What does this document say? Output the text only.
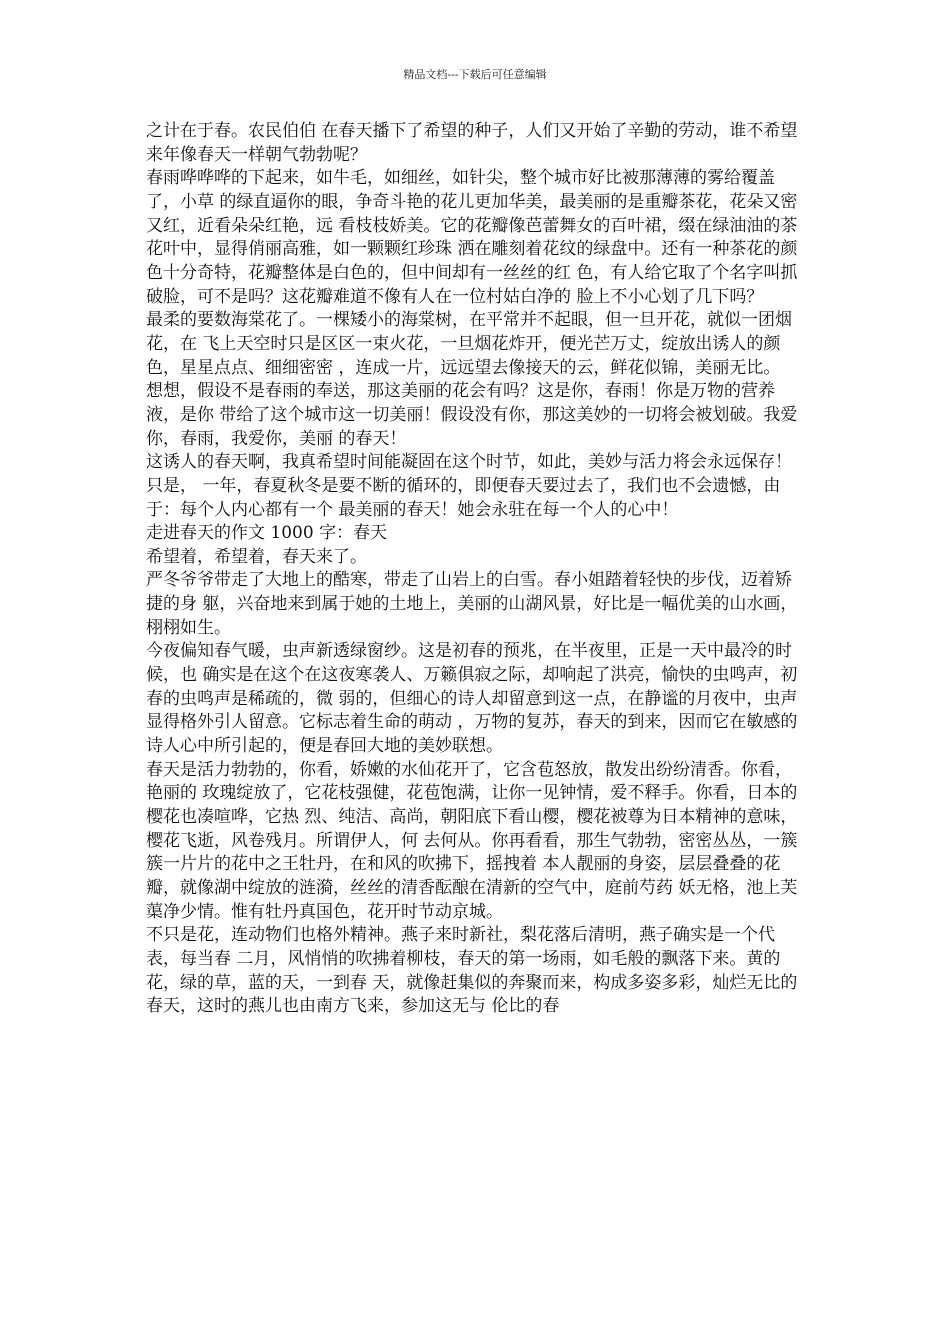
精品文档---下载后可任意编辑

之计在于春。农民伯伯 在春天播下了希望的种子，人们又开始了辛勤的劳动，谁不希望来年像春天一样朝气勃勃呢？

春雨哗哗哗的下起来，如牛毛，如细丝，如针尖，整个城市好比被那薄薄的雾给覆盖了，小草 的绿直逼你的眼，争奇斗艳的花儿更加华美，最美丽的是重瓣茶花，花朵又密又红，近看朵朵红艳，远 看枝枝娇美。它的花瓣像芭蕾舞女的百叶裙，缀在绿油油的茶花叶中，显得俏丽高雅，如一颗颗红珍珠 洒在雕刻着花纹的绿盘中。还有一种茶花的颜色十分奇特，花瓣整体是白色的，但中间却有一丝丝的红 色，有人给它取了个名字叫抓破脸，可不是吗？这花瓣难道不像有人在一位村姑白净的 脸上不小心划了几下吗？

最柔的要数海棠花了。一棵矮小的海棠树，在平常并不起眼，但一旦开花，就似一团烟花，在 飞上天空时只是区区一束火花，一旦烟花炸开，便光芒万丈，绽放出诱人的颜色，星星点点、细细密密 ，连成一片，远远望去像接天的云，鲜花似锦，美丽无比。

想想，假设不是春雨的奉送，那这美丽的花会有吗？这是你，春雨！你是万物的营养液，是你 带给了这个城市这一切美丽！假设没有你，那这美妙的一切将会被划破。我爱你，春雨，我爱你，美丽 的春天！

这诱人的春天啊，我真希望时间能凝固在这个时节，如此，美妙与活力将会永远保存！只是， 一年，春夏秋冬是要不断的循环的，即便春天要过去了，我们也不会遗憾，由于：每个人内心都有一个 最美丽的春天！她会永驻在每一个人的心中！

走进春天的作文 1000 字：春天

希望着，希望着，春天来了。

严冬爷爷带走了大地上的酷寒，带走了山岩上的白雪。春小姐踏着轻快的步伐，迈着矫捷的身 躯，兴奋地来到属于她的土地上，美丽的山湖风景，好比是一幅优美的山水画，栩栩如生。

今夜偏知春气暖，虫声新透绿窗纱。这是初春的预兆，在半夜里，正是一天中最冷的时候，也 确实是在这个在这夜寒袭人、万籁俱寂之际，却响起了洪亮，愉快的虫鸣声，初春的虫鸣声是稀疏的，微 弱的，但细心的诗人却留意到这一点，在静谧的月夜中，虫声显得格外引人留意。它标志着生命的萌动 ，万物的复苏，春天的到来，因而它在敏感的诗人心中所引起的，便是春回大地的美妙联想。

春天是活力勃勃的，你看，娇嫩的水仙花开了，它含苞怒放，散发出纷纷清香。你看，艳丽的 玫瑰绽放了，它花枝强健，花苞饱满，让你一见钟情，爱不释手。你看，日本的樱花也凑喧哗，它热 烈、纯洁、高尚，朝阳底下看山樱，樱花被尊为日本精神的意味，樱花飞逝，风卷残月。所谓伊人，何 去何从。你再看看，那生气勃勃，密密丛丛，一簇簇一片片的花中之王牡丹，在和风的吹拂下，摇拽着 本人靓丽的身姿，层层叠叠的花瓣，就像湖中绽放的涟漪，丝丝的清香酝酿在清新的空气中，庭前芍药 妖无格，池上芙蕖净少情。惟有牡丹真国色，花开时节动京城。

不只是花，连动物们也格外精神。燕子来时新社，梨花落后清明，燕子确实是一个代表，每当春 二月，风悄悄的吹拂着柳枝，春天的第一场雨，如毛般的飘落下来。黄的花，绿的草，蓝的天，一到春 天，就像赶集似的奔聚而来，构成多姿多彩，灿烂无比的春天，这时的燕儿也由南方飞来，参加这无与 伦比的春
